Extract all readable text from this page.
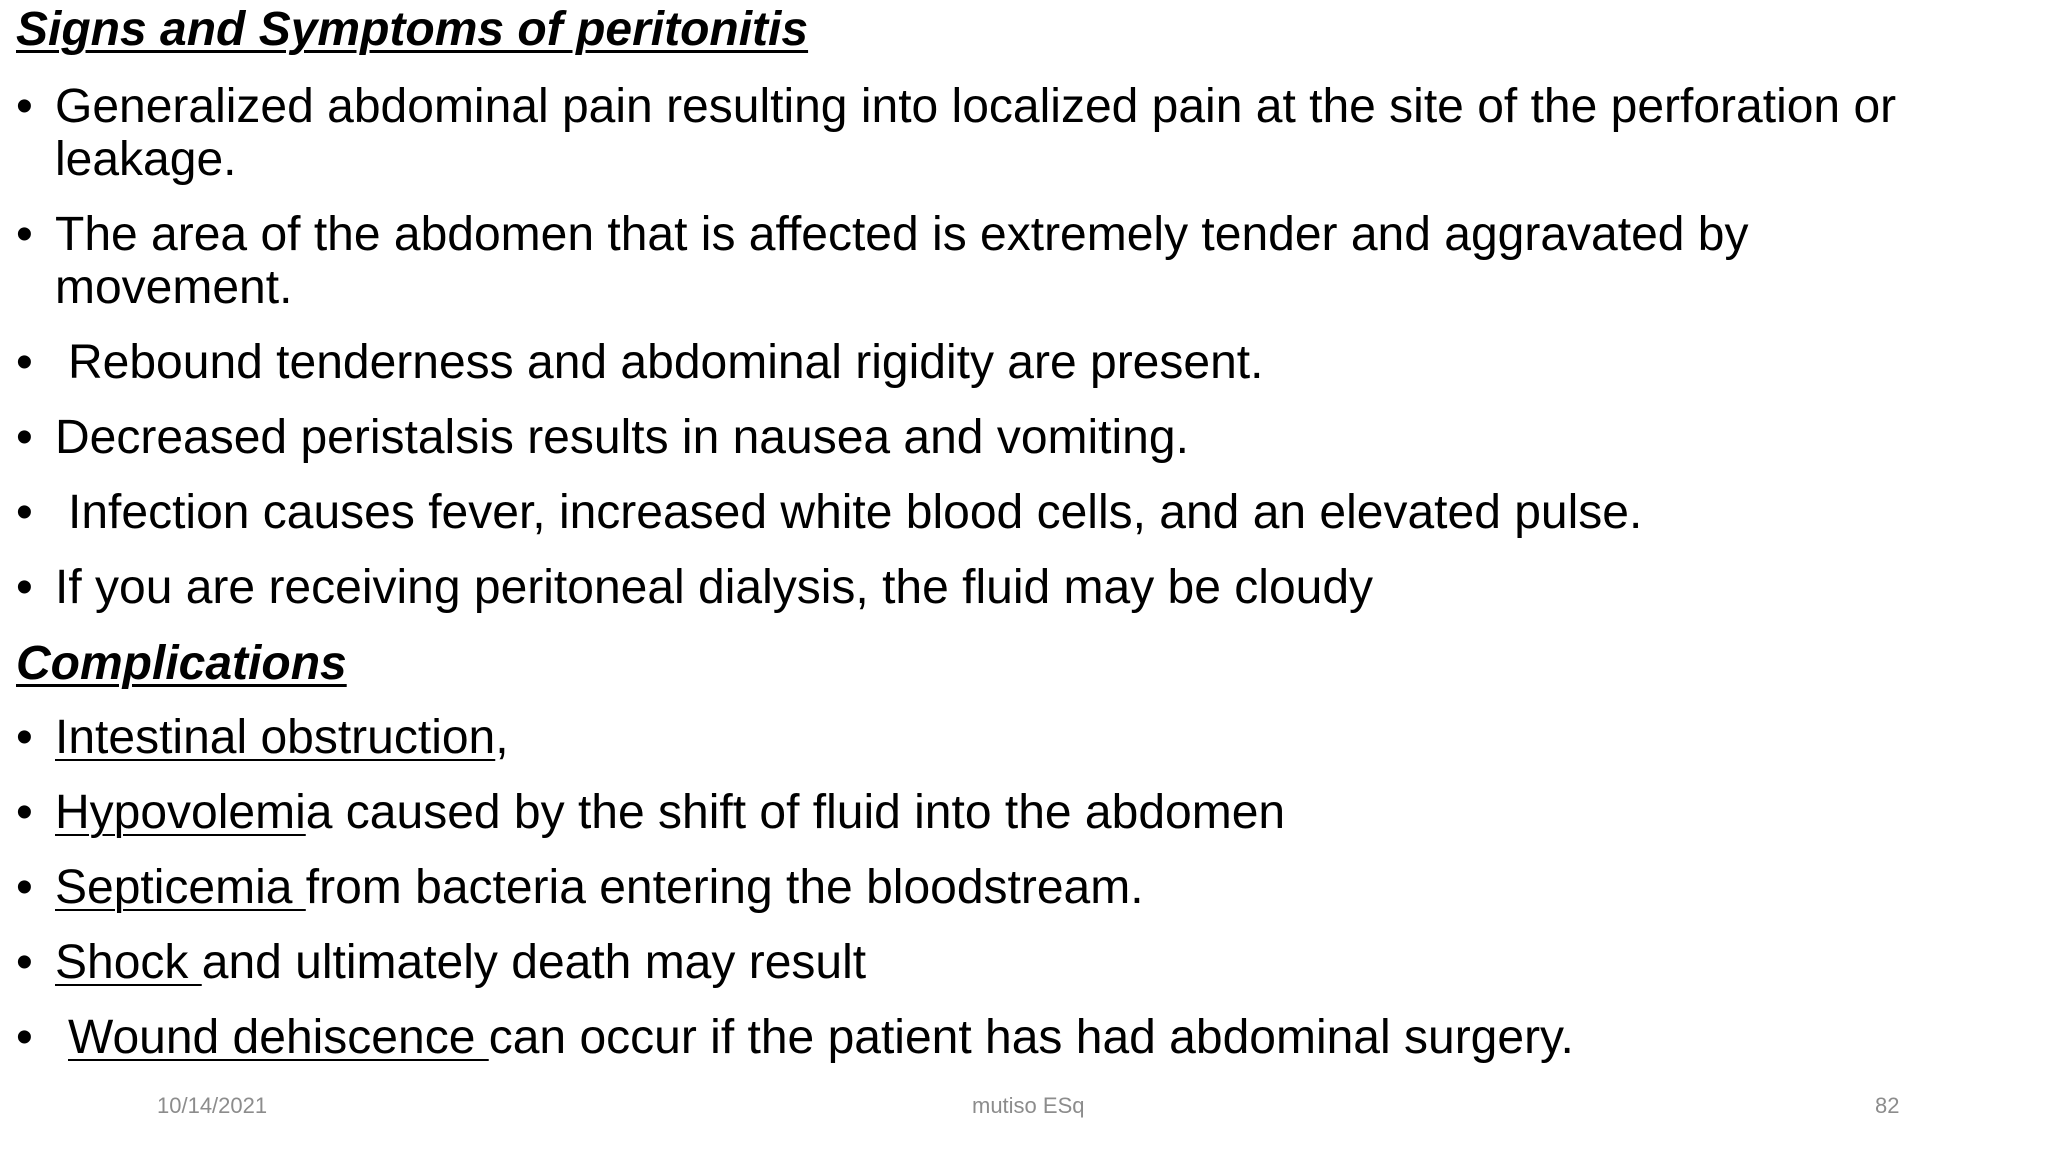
Signs and Symptoms of peritonitis
• Generalized abdominal pain resulting into localized pain at the site of the perforation or
leakage.
• The area of the abdomen that is affected is extremely tender and aggravated by
movement.
• Rebound tenderness and abdominal rigidity are present.
• Decreased peristalsis results in nausea and vomiting.
• Infection causes fever, increased white blood cells, and an elevated pulse.
• If you are receiving peritoneal dialysis, the fluid may be cloudy
Complications
• Intestinal obstruction,
• Hypovolemia caused by the shift of fluid into the abdomen
• Septicemia from bacteria entering the bloodstream.
• Shock and ultimately death may result
• Wound dehiscence can occur if the patient has had abdominal surgery.
10/14/2021	mutiso ESq	82
